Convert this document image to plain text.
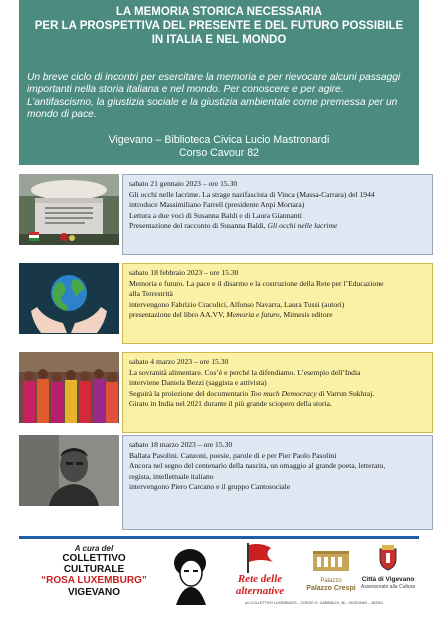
LA MEMORIA STORICA NECESSARIA
PER LA PROSPETTIVA DEL PRESENTE E DEL FUTURO POSSIBILE
IN ITALIA E NEL MONDO
Un breve ciclo di incontri per esercitare la memoria e per rievocare alcuni passaggi
importanti nella storia italiana e nel mondo. Per conoscere e per agire.
L’antifascismo, la giustizia sociale e la giustizia ambientale come premessa per un
mondo di pace.
Vigevano – Biblioteca Civica Lucio Mastronardi
Corso Cavour 82

sabato 21 gennaio 2023 – ore 15.30

Gli occhi nelle lacrime. La strage nazifascista di Vinca (Massa-Carrara) del 1944

introduce Massimiliano Farrell (presidente Anpi Mortara)

Lettura a due voci di Susanna Baldi e di Laura Giannanti

Presentazione del racconto di Susanna Baldi, Gli occhi nelle lacrime

sabato 18 febbraio 2023 – ore 15.30

Memoria e futuro. La pace e il disarmo e la costruzione della Rete per l’Educazione

alla Terrestrità

intervengono Fabrizio Cracolici, Alfonso Navarra, Laura Tussi (autori)

presentazione del libro AA.VV, Memoria e futuro, Mimesis editore

sabato 4 marzo 2023 – ore 15.30

La sovranità alimentare. Cos’è e perché la difendiamo. L’esempio dell’India

interviene Daniela Bezzi (saggista e attivista)

Seguirà la proiezione del documentario Too much Democracy di Varrun Sukhraj.

Girato in India nel 2021 durante il più grande sciopero della storia.

sabato 18 marzo 2023 – ore 15.30

Ballata Pasolini. Canzoni, poesie, parole di e per Pier Paolo Pasolini

Ancora nel segno del centenario della nascita, un omaggio al grande poeta, letterato,

regista, intellettuale italiano

intervengono Piero Carcano e il gruppo Cantosociale

A cura del
COLLETTIVO
CULTURALE
“ROSA LUXEMBURG”
VIGEVANO
Rete delle
alternative
Palazzo
Palazzo Crespi
Città di Vigevano
Assessorato alla Cultura
c/o COLLETTIVO LUXEMBURG – CORSO G. GARIBALDI, 46 – VIGEVANO – 362001
